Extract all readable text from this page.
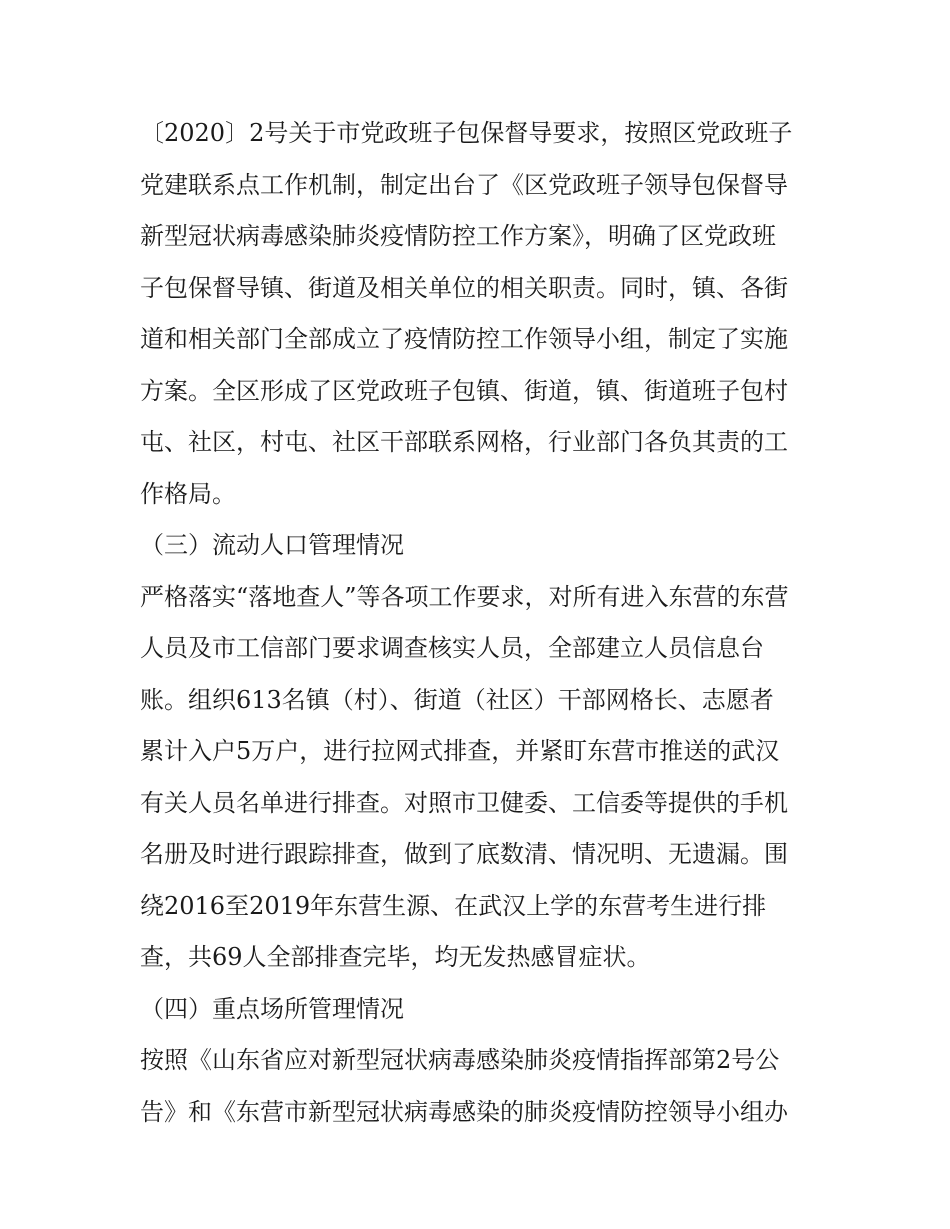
〔2020〕2号关于市党政班子包保督导要求，按照区党政班子

党建联系点工作机制，制定出台了《区党政班子领导包保督导

新型冠状病毒感染肺炎疫情防控工作方案》，明确了区党政班

子包保督导镇、街道及相关单位的相关职责。同时，镇、各街

道和相关部门全部成立了疫情防控工作领导小组，制定了实施

方案。全区形成了区党政班子包镇、街道，镇、街道班子包村

屯、社区，村屯、社区干部联系网格，行业部门各负其责的工

作格局。

（三）流动人口管理情况

严格落实“落地查人”等各项工作要求，对所有进入东营的东营

人员及市工信部门要求调查核实人员，全部建立人员信息台

账。组织613名镇（村）、街道（社区）干部网格长、志愿者

累计入户5万户，进行拉网式排查，并紧盯东营市推送的武汉

有关人员名单进行排查。对照市卫健委、工信委等提供的手机

名册及时进行跟踪排查，做到了底数清、情况明、无遗漏。围

绕2016至2019年东营生源、在武汉上学的东营考生进行排

查，共69人全部排查完毕，均无发热感冒症状。

（四）重点场所管理情况

按照《山东省应对新型冠状病毒感染肺炎疫情指挥部第2号公

告》和《东营市新型冠状病毒感染的肺炎疫情防控领导小组办
